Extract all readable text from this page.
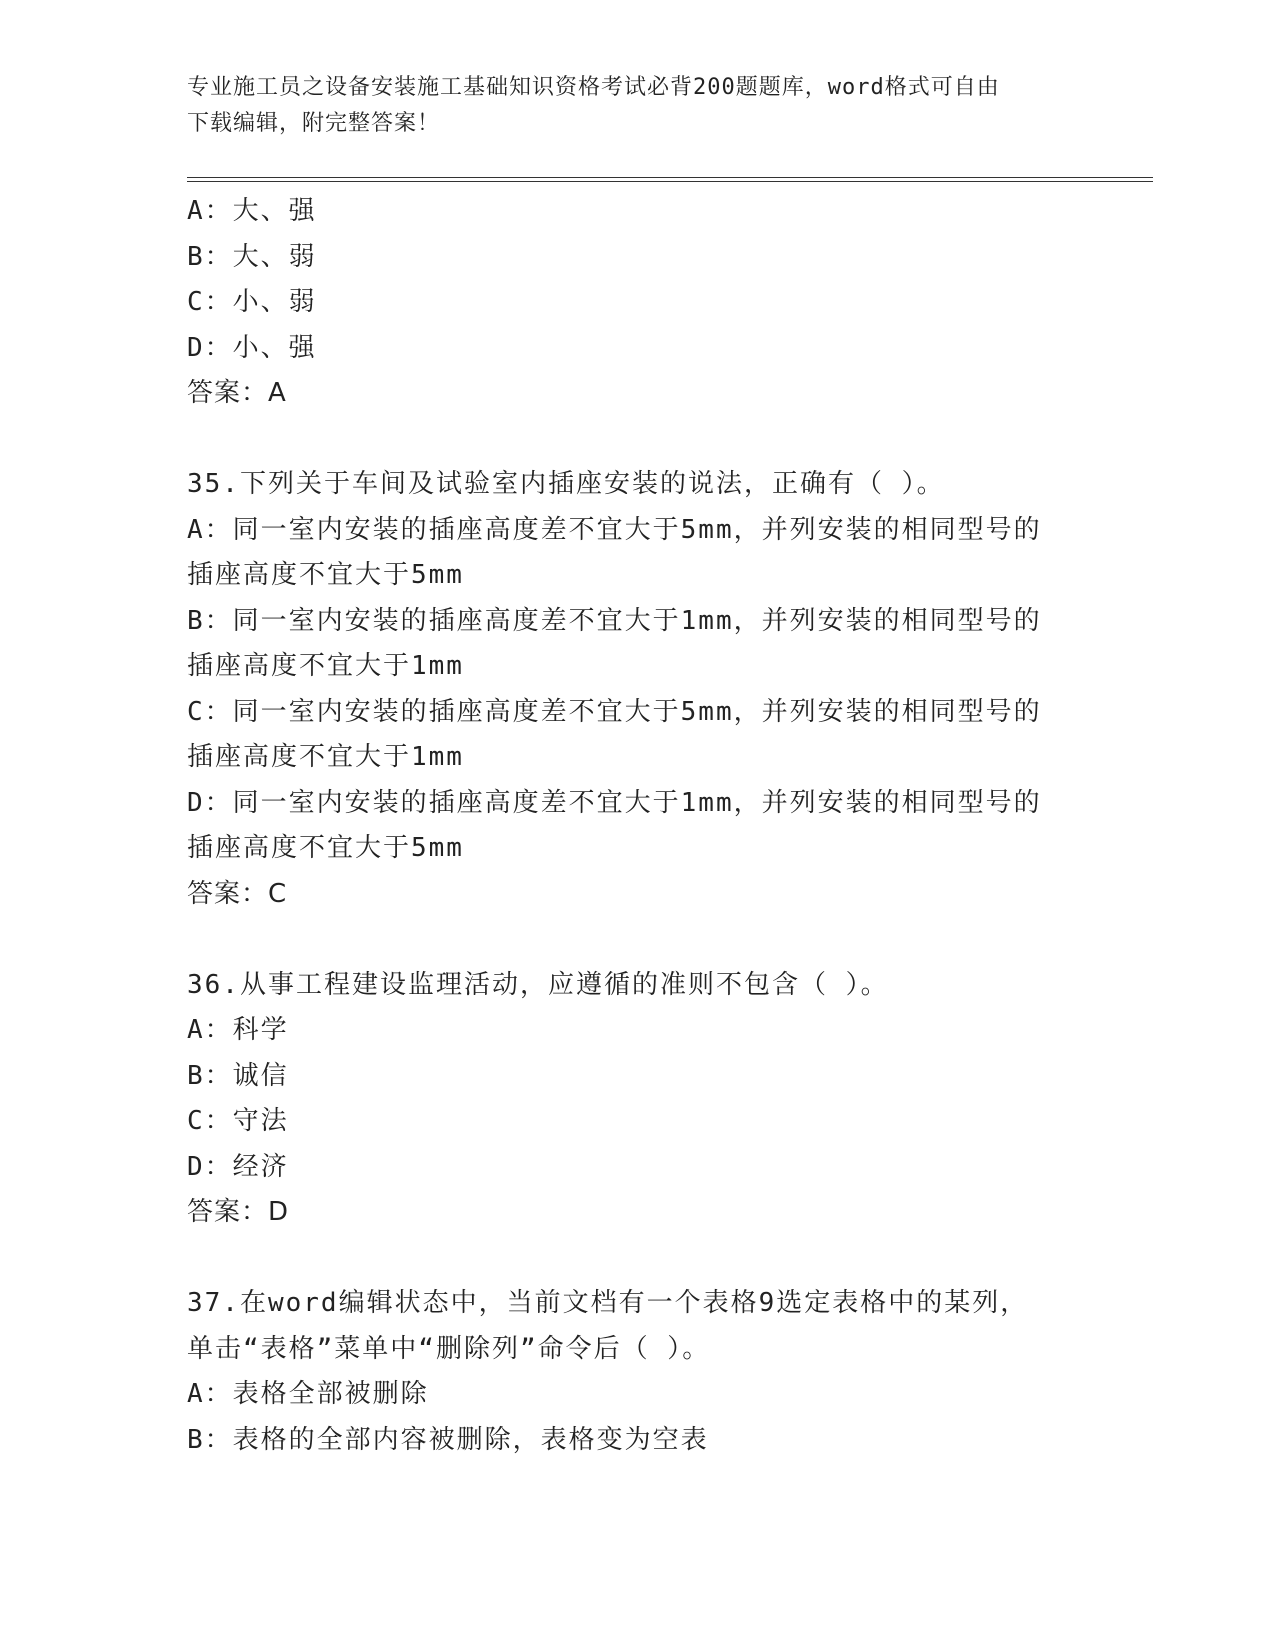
专业施工员之设备安装施工基础知识资格考试必背200题题库，word格式可自由
下载编辑，附完整答案！
A：大、强
B：大、弱
C：小、弱
D：小、强
答案：A
35.下列关于车间及试验室内插座安装的说法，正确有（ ）。
A：同一室内安装的插座高度差不宜大于5mm，并列安装的相同型号的
插座高度不宜大于5mm
B：同一室内安装的插座高度差不宜大于1mm，并列安装的相同型号的
插座高度不宜大于1mm
C：同一室内安装的插座高度差不宜大于5mm，并列安装的相同型号的
插座高度不宜大于1mm
D：同一室内安装的插座高度差不宜大于1mm，并列安装的相同型号的
插座高度不宜大于5mm
答案：C
36.从事工程建设监理活动，应遵循的准则不包含（ ）。
A：科学
B：诚信
C：守法
D：经济
答案：D
37.在word编辑状态中，当前文档有一个表格9选定表格中的某列，
单击“表格”菜单中“删除列”命令后（ ）。
A：表格全部被删除
B：表格的全部内容被删除，表格变为空表
